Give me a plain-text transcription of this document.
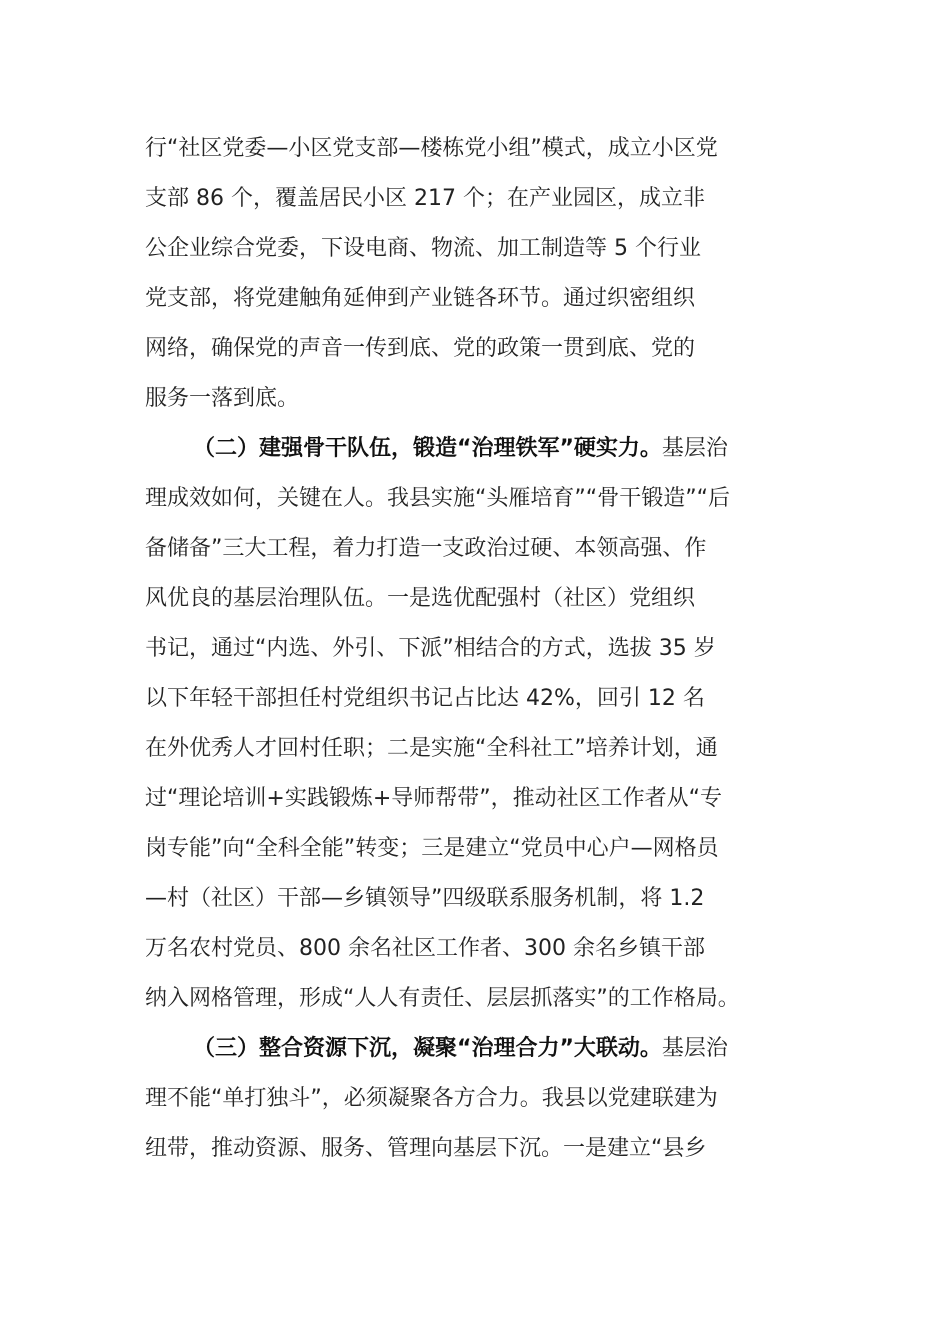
行“社区党委—小区党支部—楼栋党小组”模式，成立小区党
支部 86 个，覆盖居民小区 217 个；在产业园区，成立非
公企业综合党委，下设电商、物流、加工制造等 5 个行业
党支部，将党建触角延伸到产业链各环节。通过织密组织
网络，确保党的声音一传到底、党的政策一贯到底、党的
服务一落到底。
（二）建强骨干队伍，锻造“治理铁军”硬实力。基层治
理成效如何，关键在人。我县实施“头雁培育”“骨干锻造”“后
备储备”三大工程，着力打造一支政治过硬、本领高强、作
风优良的基层治理队伍。一是选优配强村（社区）党组织
书记，通过“内选、外引、下派”相结合的方式，选拔 35 岁
以下年轻干部担任村党组织书记占比达 42%，回引 12 名
在外优秀人才回村任职；二是实施“全科社工”培养计划，通
过“理论培训+实践锻炼+导师帮带”，推动社区工作者从“专
岗专能”向“全科全能”转变；三是建立“党员中心户—网格员
—村（社区）干部—乡镇领导”四级联系服务机制，将 1.2
万名农村党员、800 余名社区工作者、300 余名乡镇干部
纳入网格管理，形成“人人有责任、层层抓落实”的工作格局。
（三）整合资源下沉，凝聚“治理合力”大联动。基层治
理不能“单打独斗”，必须凝聚各方合力。我县以党建联建为
纽带，推动资源、服务、管理向基层下沉。一是建立“县乡
